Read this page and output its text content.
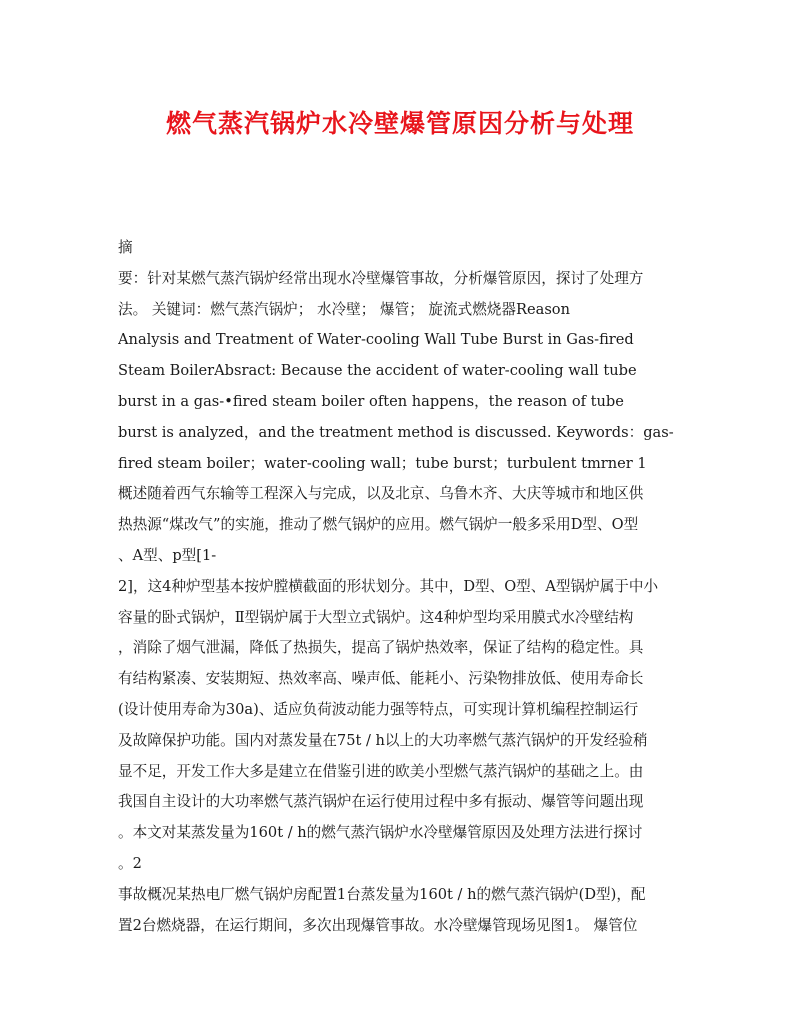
燃气蒸汽锅炉水冷壁爆管原因分析与处理
摘
要：针对某燃气蒸汽锅炉经常出现水冷壁爆管事故，分析爆管原因，探讨了处理方
法。 关键词：燃气蒸汽锅炉； 水冷壁； 爆管； 旋流式燃烧器Reason
Analysis and Treatment of Water-cooling Wall Tube Burst in Gas-fired
Steam BoilerAbsract: Because the accident of water-cooling wall tube
burst in a gas-•fired steam boiler often happens，the reason of tube
burst is analyzed，and the treatment method is discussed. Keywords：gas-
fired steam boiler；water-cooling wall；tube burst；turbulent tmrner 1
概述随着西气东输等工程深入与完成，以及北京、乌鲁木齐、大庆等城市和地区供
热热源“煤改气”的实施，推动了燃气锅炉的应用。燃气锅炉一般多采用D型、O型
、A型、p型[1-
2]，这4种炉型基本按炉膛横截面的形状划分。其中，D型、O型、A型锅炉属于中小
容量的卧式锅炉，Ⅱ型锅炉属于大型立式锅炉。这4种炉型均采用膜式水冷壁结构
，消除了烟气泄漏，降低了热损失，提高了锅炉热效率，保证了结构的稳定性。具
有结构紧凑、安装期短、热效率高、噪声低、能耗小、污染物排放低、使用寿命长
(设计使用寿命为30a)、适应负荷波动能力强等特点，可实现计算机编程控制运行
及故障保护功能。国内对蒸发量在75t / h以上的大功率燃气蒸汽锅炉的开发经验稍
显不足，开发工作大多是建立在借鉴引进的欧美小型燃气蒸汽锅炉的基础之上。由
我国自主设计的大功率燃气蒸汽锅炉在运行使用过程中多有振动、爆管等问题出现
。本文对某蒸发量为160t / h的燃气蒸汽锅炉水冷壁爆管原因及处理方法进行探讨
。2
事故概况某热电厂燃气锅炉房配置1台蒸发量为160t / h的燃气蒸汽锅炉(D型)，配
置2台燃烧器，在运行期间，多次出现爆管事故。水冷壁爆管现场见图1。 爆管位
